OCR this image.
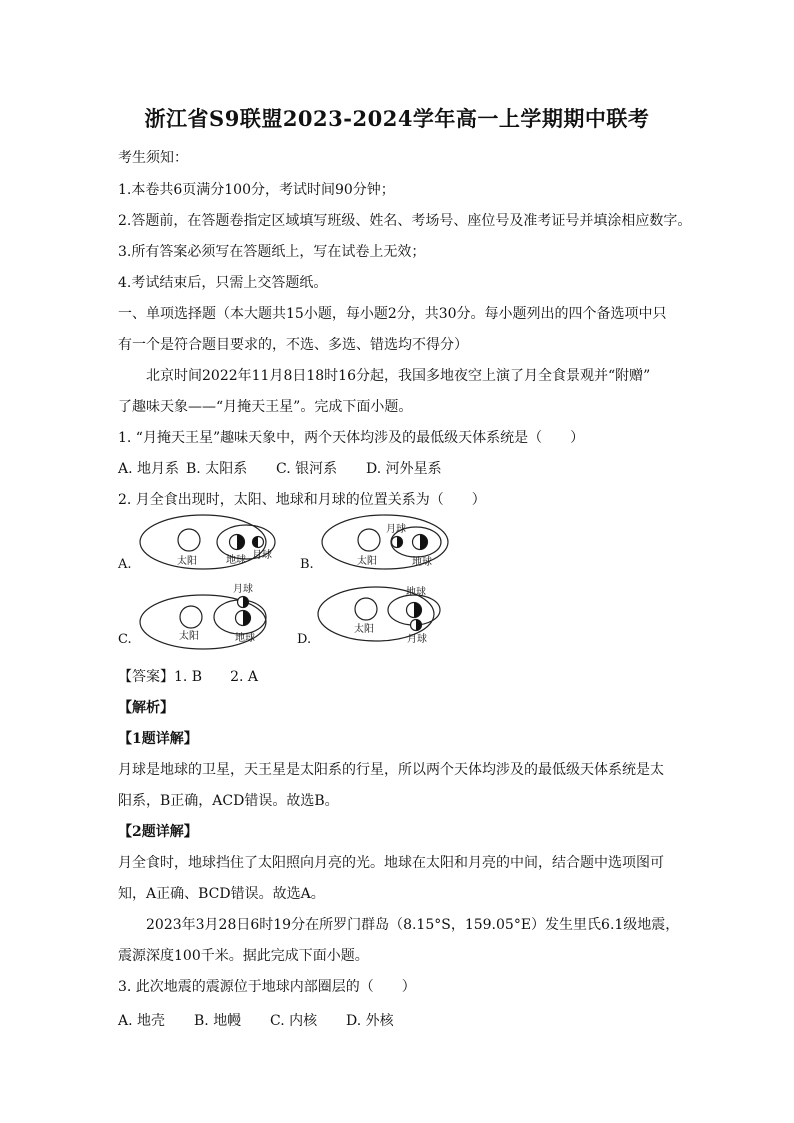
浙江省S9联盟2023-2024学年高一上学期期中联考
考生须知：
1.本卷共6页满分100分，考试时间90分钟；
2.答题前，在答题卷指定区域填写班级、姓名、考场号、座位号及准考证号并填涂相应数字。
3.所有答案必须写在答题纸上，写在试卷上无效；
4.考试结束后，只需上交答题纸。
一、单项选择题（本大题共15小题，每小题2分，共30分。每小题列出的四个备选项中只
有一个是符合题目要求的，不选、多选、错选均不得分）
北京时间2022年11月8日18时16分起，我国多地夜空上演了月全食景观并“附赠”
了趣味天象——“月掩天王星”。完成下面小题。
1. “月掩天王星”趣味天象中，两个天体均涉及的最低级天体系统是（　　）
A. 地月系 B. 太阳系 C. 银河系 D. 河外星系
2. 月全食出现时，太阳、地球和月球的位置关系为（　　）
A.	太阳	地球 月球
B.	太阳	地球
月球
C.	太阳	地球
月球
D.
太阳
地球
月球
【答案】1. B　　2. A
【解析】
【1题详解】
月球是地球的卫星，天王星是太阳系的行星，所以两个天体均涉及的最低级天体系统是太
阳系，B正确，ACD错误。故选B。
【2题详解】
月全食时，地球挡住了太阳照向月亮的光。地球在太阳和月亮的中间，结合题中选项图可
知，A正确、BCD错误。故选A。
2023年3月28日6时19分在所罗门群岛（8.15°S，159.05°E）发生里氏6.1级地震，
震源深度100千米。据此完成下面小题。
3. 此次地震的震源位于地球内部圈层的（　　）
A. 地壳 B. 地幔 C. 内核 D. 外核
